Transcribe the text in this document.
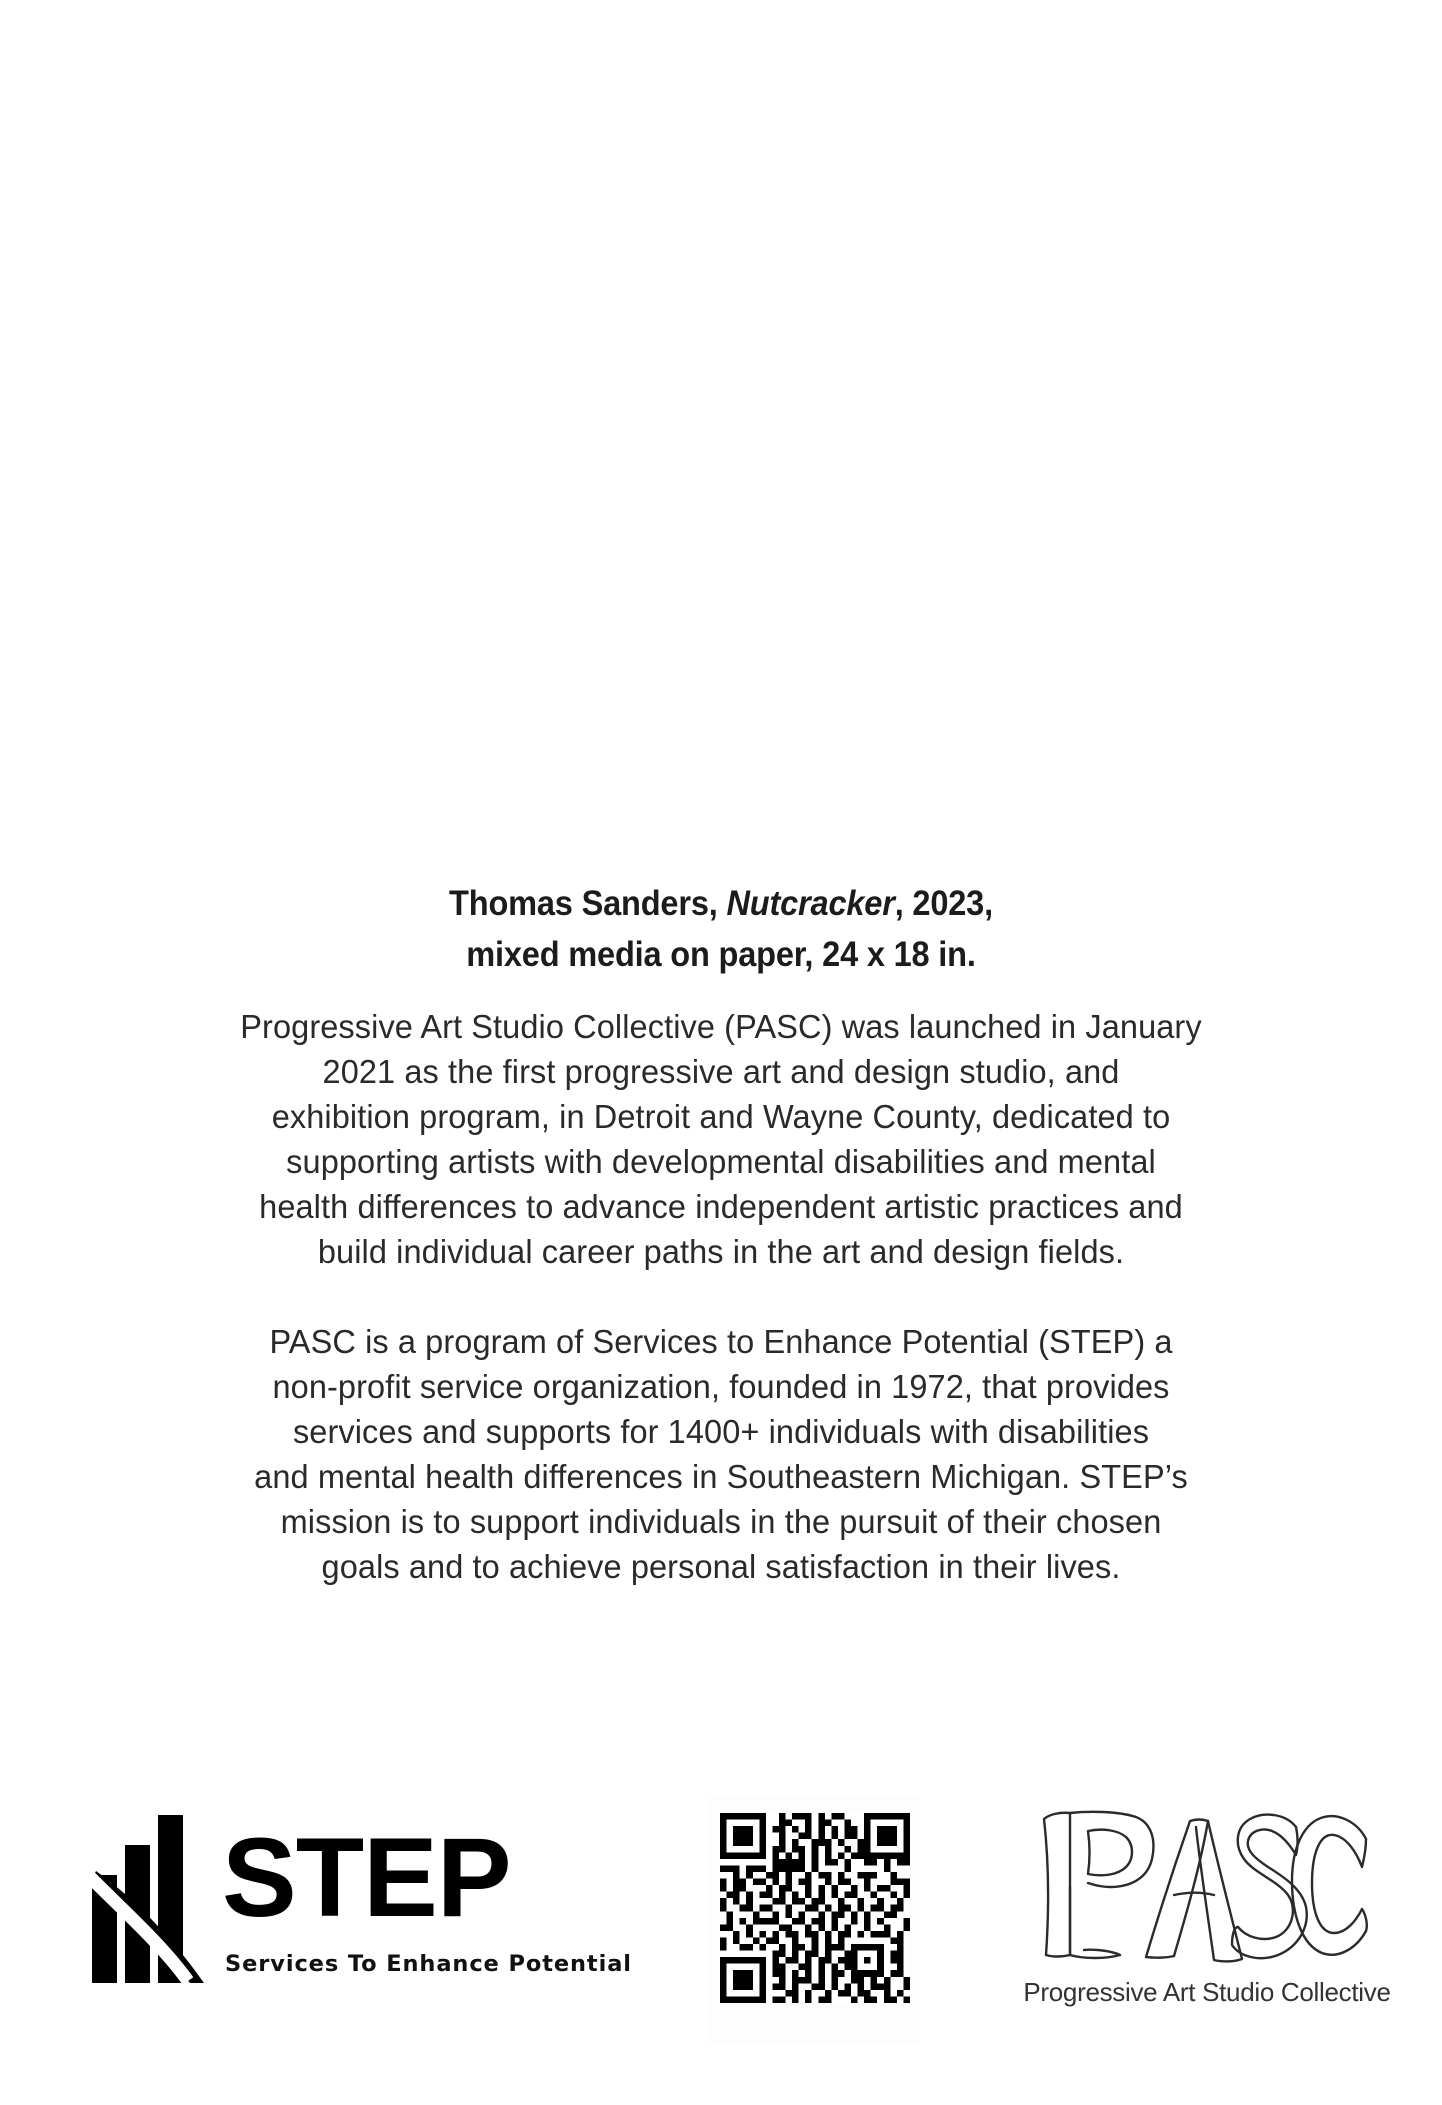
Thomas Sanders, Nutcracker, 2023,
mixed media on paper, 24 x 18 in.

Progressive Art Studio Collective (PASC) was launched in January
2021 as the first progressive art and design studio, and
exhibition program, in Detroit and Wayne County, dedicated to
supporting artists with developmental disabilities and mental
health differences to advance independent artistic practices and
build individual career paths in the art and design fields.

PASC is a program of Services to Enhance Potential (STEP) a
non-profit service organization, founded in 1972, that provides
services and supports for 1400+ individuals with disabilities
and mental health differences in Southeastern Michigan. STEP’s
mission is to support individuals in the pursuit of their chosen
goals and to achieve personal satisfaction in their lives.

STEP
Services To Enhance Potential
Progressive Art Studio Collective
